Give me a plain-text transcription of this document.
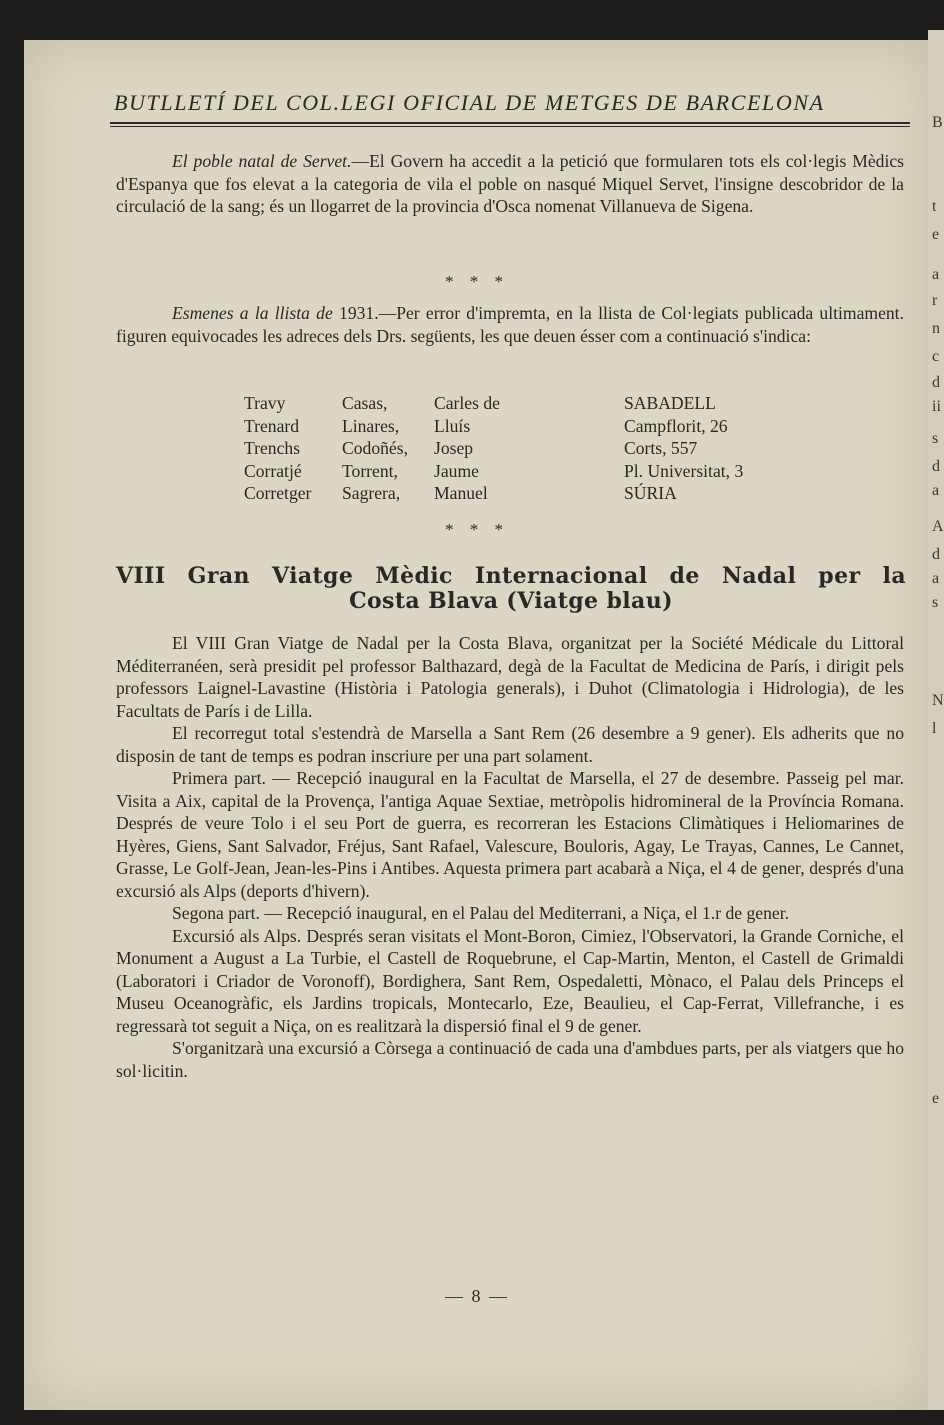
BUTLLETÍ DEL COL.LEGI OFICIAL DE METGES DE BARCELONA

El poble natal de Servet.—El Govern ha accedit a la petició que formularen tots els col·legis Mèdics d'Espanya que fos elevat a la categoria de vila el poble on nasqué Miquel Servet, l'insigne descobridor de la circulació de la sang; és un llogarret de la provincia d'Osca nomenat Villanueva de Sigena.

* * *

Esmenes a la llista de 1931.—Per error d'impremta, en la llista de Col·legiats publicada ultimament. figuren equivocades les adreces dels Drs. següents, les que deuen ésser com a continuació s'indica:

Travy	Casas,	Carles de	SABADELL
Trenard	Linares,	Lluís	Campflorit, 26
Trenchs	Codoñés,	Josep	Corts, 557
Corratjé	Torrent,	Jaume	Pl. Universitat, 3
Corretger	Sagrera,	Manuel	SÚRIA
* * *
VIII Gran Viatge Mèdic Internacional de Nadal per la
Costa Blava (Viatge blau)

El VIII Gran Viatge de Nadal per la Costa Blava, organitzat per la Société Médicale du Littoral Méditerranéen, serà presidit pel professor Balthazard, degà de la Facultat de Medicina de París, i dirigit pels professors Laignel-Lavastine (Història i Patologia generals), i Duhot (Climatologia i Hidrologia), de les Facultats de París i de Lilla.

El recorregut total s'estendrà de Marsella a Sant Rem (26 desembre a 9 gener). Els adherits que no disposin de tant de temps es podran inscriure per una part solament.

Primera part. — Recepció inaugural en la Facultat de Marsella, el 27 de desembre. Passeig pel mar. Visita a Aix, capital de la Provença, l'antiga Aquae Sextiae, metròpolis hidromineral de la Província Romana. Després de veure Tolo i el seu Port de guerra, es recorreran les Estacions Climàtiques i Heliomarines de Hyères, Giens, Sant Salvador, Fréjus, Sant Rafael, Valescure, Bouloris, Agay, Le Trayas, Cannes, Le Cannet, Grasse, Le Golf-Jean, Jean-les-Pins i Antibes. Aquesta primera part acabarà a Niça, el 4 de gener, després d'una excursió als Alps (deports d'hivern).

Segona part. — Recepció inaugural, en el Palau del Mediterrani, a Niça, el 1.r de gener.

Excursió als Alps. Després seran visitats el Mont-Boron, Cimiez, l'Observatori, la Grande Corniche, el Monument a August a La Turbie, el Castell de Roquebrune, el Cap-Martin, Menton, el Castell de Grimaldi (Laboratori i Criador de Voronoff), Bordighera, Sant Rem, Ospedaletti, Mònaco, el Palau dels Princeps el Museu Oceanogràfic, els Jardins tropicals, Montecarlo, Eze, Beaulieu, el Cap-Ferrat, Villefranche, i es regressarà tot seguit a Niça, on es realitzarà la dispersió final el 9 de gener.

S'organitzarà una excursió a Còrsega a continuació de cada una d'ambdues parts, per als viatgers que ho sol·licitin.

— 8 —
B
t
e
a
r
n
c
d
ii
s
d
a
A
d
a
s
N
l
e
